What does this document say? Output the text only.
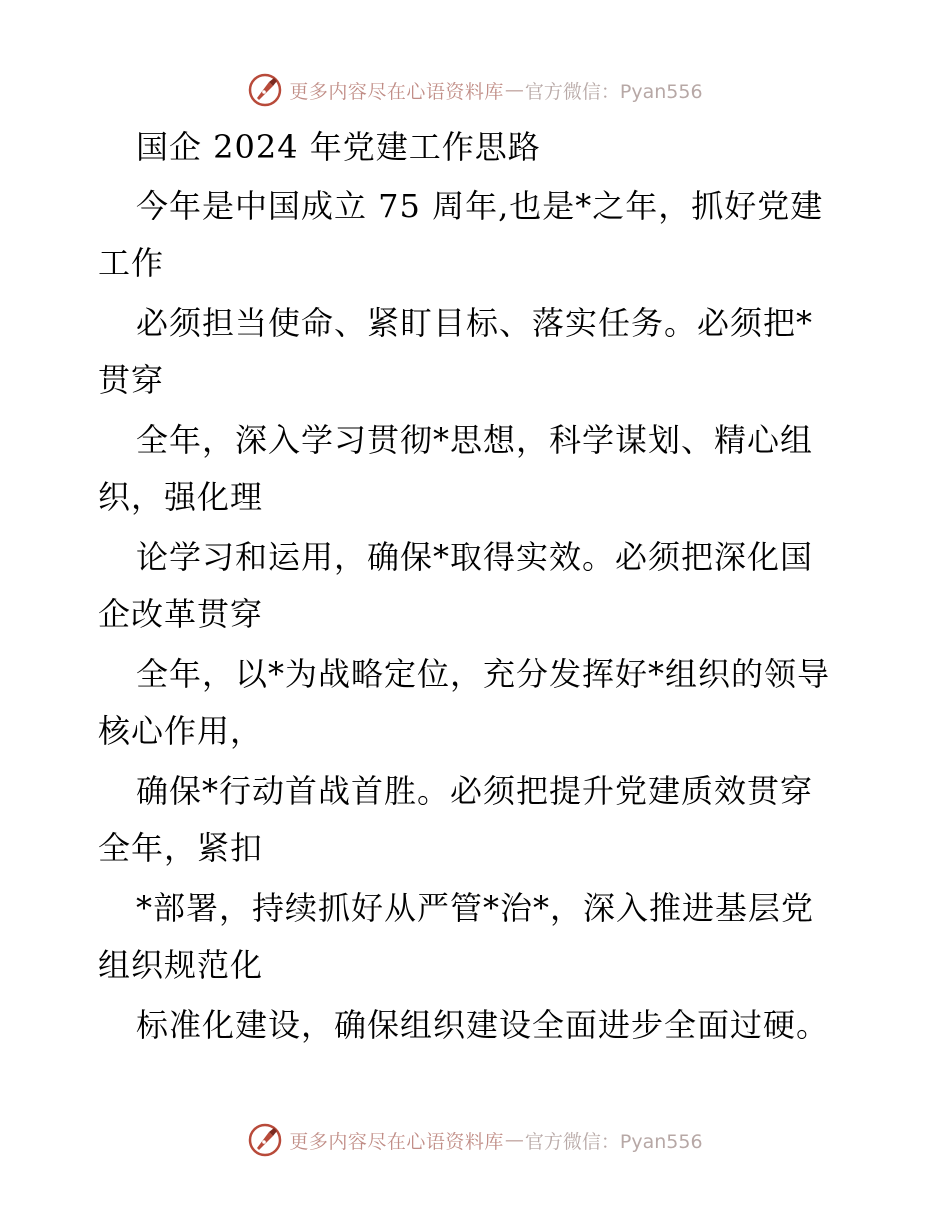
更多内容尽在心语资料库 — 官方微信：Pyan556
国企 2024 年党建工作思路
今年是中国成立 75 周年,也是*之年，抓好党建
工作
必须担当使命、紧盯目标、落实任务。必须把*
贯穿
全年，深入学习贯彻*思想，科学谋划、精心组
织，强化理
论学习和运用，确保*取得实效。必须把深化国
企改革贯穿
全年，以*为战略定位，充分发挥好*组织的领导
核心作用，
确保*行动首战首胜。必须把提升党建质效贯穿
全年，紧扣
*部署，持续抓好从严管*治*，深入推进基层党
组织规范化
标准化建设，确保组织建设全面进步全面过硬。
更多内容尽在心语资料库 — 官方微信：Pyan556
